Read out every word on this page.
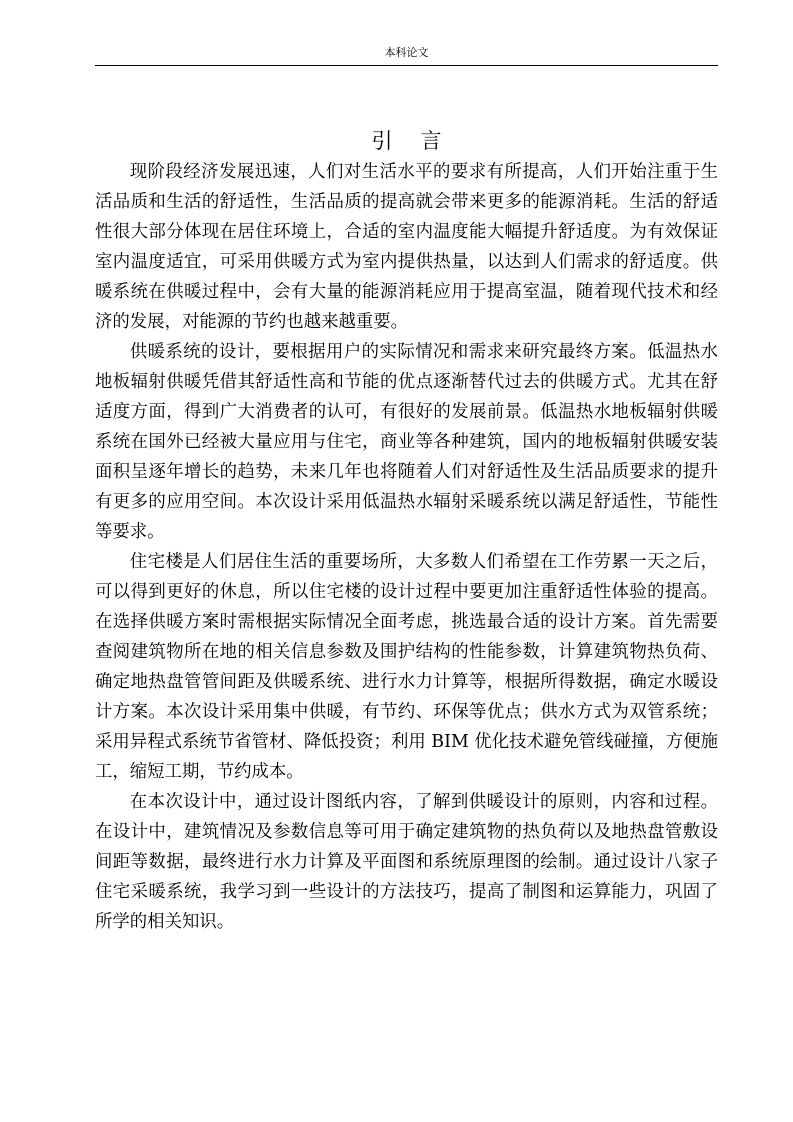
本科论文
引言

现阶段经济发展迅速，人们对生活水平的要求有所提高，人们开始注重于生活品质和生活的舒适性，生活品质的提高就会带来更多的能源消耗。生活的舒适性很大部分体现在居住环境上，合适的室内温度能大幅提升舒适度。为有效保证室内温度适宜，可采用供暖方式为室内提供热量，以达到人们需求的舒适度。供暖系统在供暖过程中，会有大量的能源消耗应用于提高室温，随着现代技术和经济的发展，对能源的节约也越来越重要。

供暖系统的设计，要根据用户的实际情况和需求来研究最终方案。低温热水地板辐射供暖凭借其舒适性高和节能的优点逐渐替代过去的供暖方式。尤其在舒适度方面，得到广大消费者的认可，有很好的发展前景。低温热水地板辐射供暖系统在国外已经被大量应用与住宅，商业等各种建筑，国内的地板辐射供暖安装面积呈逐年增长的趋势，未来几年也将随着人们对舒适性及生活品质要求的提升有更多的应用空间。本次设计采用低温热水辐射采暖系统以满足舒适性，节能性等要求。

住宅楼是人们居住生活的重要场所，大多数人们希望在工作劳累一天之后，可以得到更好的休息，所以住宅楼的设计过程中要更加注重舒适性体验的提高。在选择供暖方案时需根据实际情况全面考虑，挑选最合适的设计方案。首先需要查阅建筑物所在地的相关信息参数及围护结构的性能参数，计算建筑物热负荷、确定地热盘管管间距及供暖系统、进行水力计算等，根据所得数据，确定水暖设计方案。本次设计采用集中供暖，有节约、环保等优点；供水方式为双管系统；采用异程式系统节省管材、降低投资；利用 BIM 优化技术避免管线碰撞，方便施工，缩短工期，节约成本。

在本次设计中，通过设计图纸内容，了解到供暖设计的原则，内容和过程。在设计中，建筑情况及参数信息等可用于确定建筑物的热负荷以及地热盘管敷设间距等数据，最终进行水力计算及平面图和系统原理图的绘制。通过设计八家子住宅采暖系统，我学习到一些设计的方法技巧，提高了制图和运算能力，巩固了所学的相关知识。
